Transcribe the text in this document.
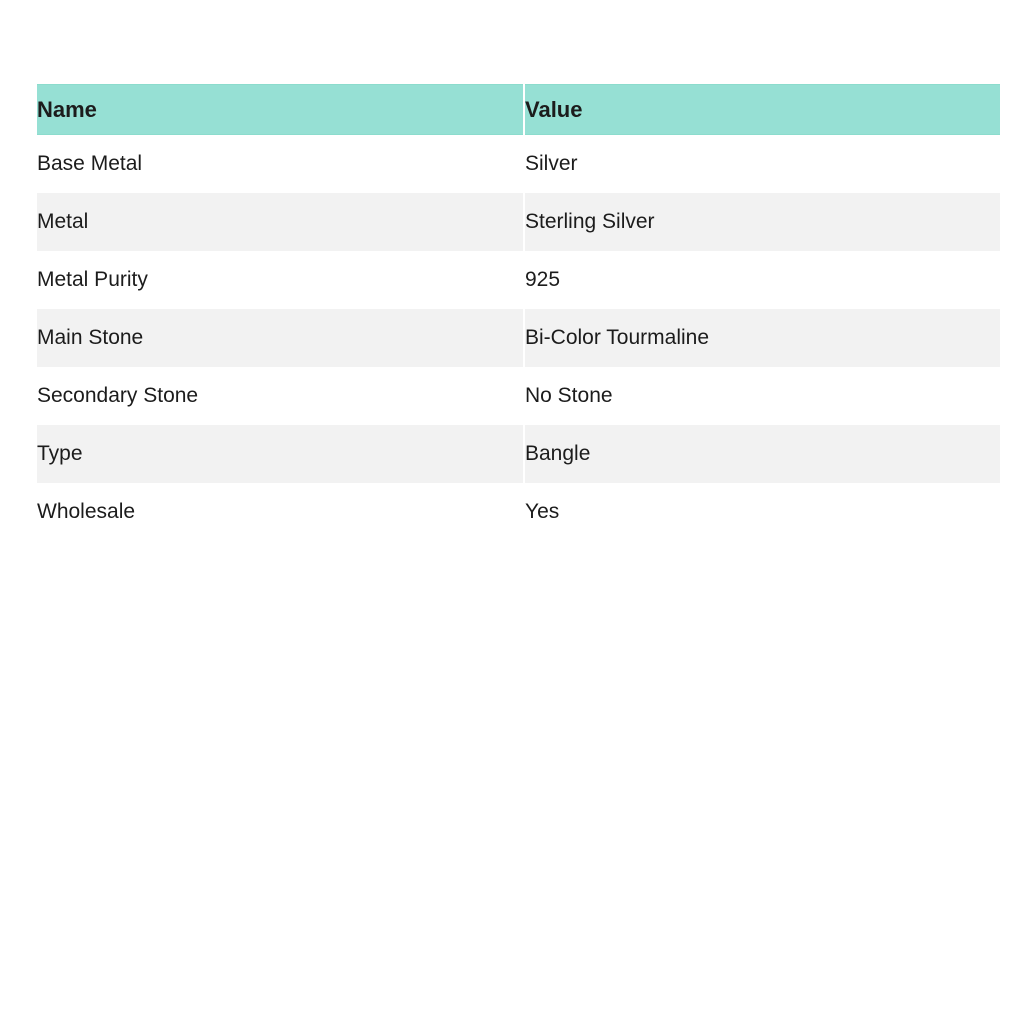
Name	Value
Base Metal	Silver
Metal	Sterling Silver
Metal Purity	925
Main Stone	Bi-Color Tourmaline
Secondary Stone	No Stone
Type	Bangle
Wholesale	Yes
